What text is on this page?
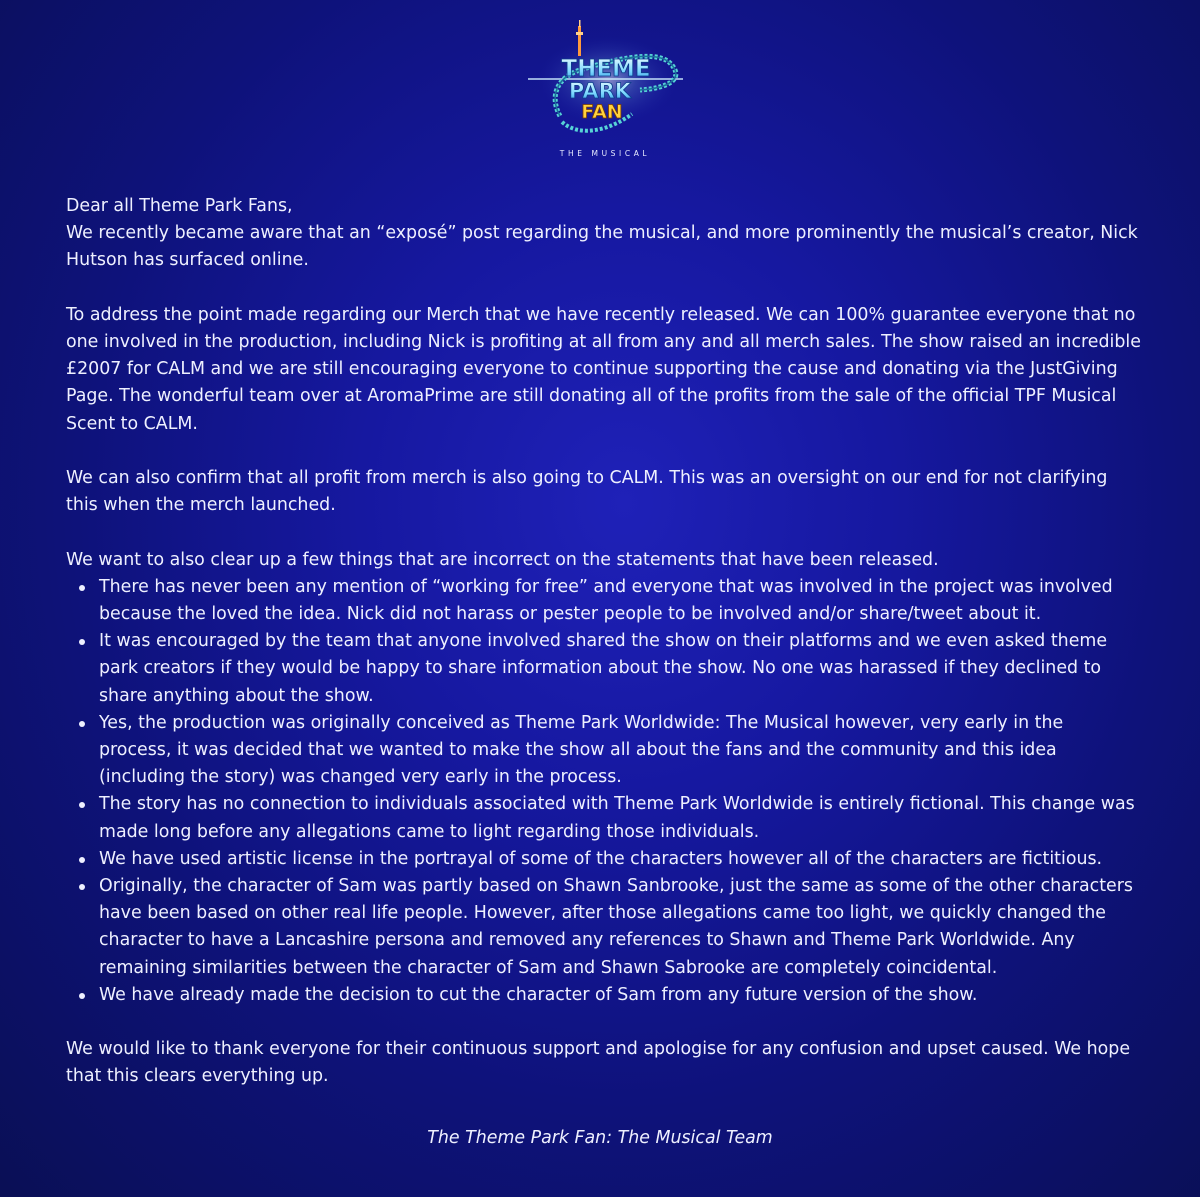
THEME
PARK
FAN
THE MUSICAL

Dear all Theme Park Fans,

We recently became aware that an “exposé” post regarding the musical, and more prominently the musical’s creator, Nick Hutson has surfaced online.

To address the point made regarding our Merch that we have recently released. We can 100% guarantee everyone that no one involved in the production, including Nick is profiting at all from any and all merch sales. The show raised an incredible £2007 for CALM and we are still encouraging everyone to continue supporting the cause and donating via the JustGiving Page. The wonderful team over at AromaPrime are still donating all of the profits from the sale of the official TPF Musical Scent to CALM.

We can also confirm that all profit from merch is also going to CALM. This was an oversight on our end for not clarifying this when the merch launched.

We want to also clear up a few things that are incorrect on the statements that have been released.

There has never been any mention of “working for free” and everyone that was involved in the project was involved because the loved the idea. Nick did not harass or pester people to be involved and/or share/tweet about it.
It was encouraged by the team that anyone involved shared the show on their platforms and we even asked theme park creators if they would be happy to share information about the show. No one was harassed if they declined to share anything about the show.
Yes, the production was originally conceived as Theme Park Worldwide: The Musical however, very early in the process, it was decided that we wanted to make the show all about the fans and the community and this idea (including the story) was changed very early in the process.
The story has no connection to individuals associated with Theme Park Worldwide is entirely fictional. This change was made long before any allegations came to light regarding those individuals.
We have used artistic license in the portrayal of some of the characters however all of the characters are fictitious.
Originally, the character of Sam was partly based on Shawn Sanbrooke, just the same as some of the other characters have been based on other real life people. However, after those allegations came too light, we quickly changed the character to have a Lancashire persona and removed any references to Shawn and Theme Park Worldwide. Any remaining similarities between the character of Sam and Shawn Sabrooke are completely coincidental.
We have already made the decision to cut the character of Sam from any future version of the show.

We would like to thank everyone for their continuous support and apologise for any confusion and upset caused. We hope that this clears everything up.

The Theme Park Fan: The Musical Team
